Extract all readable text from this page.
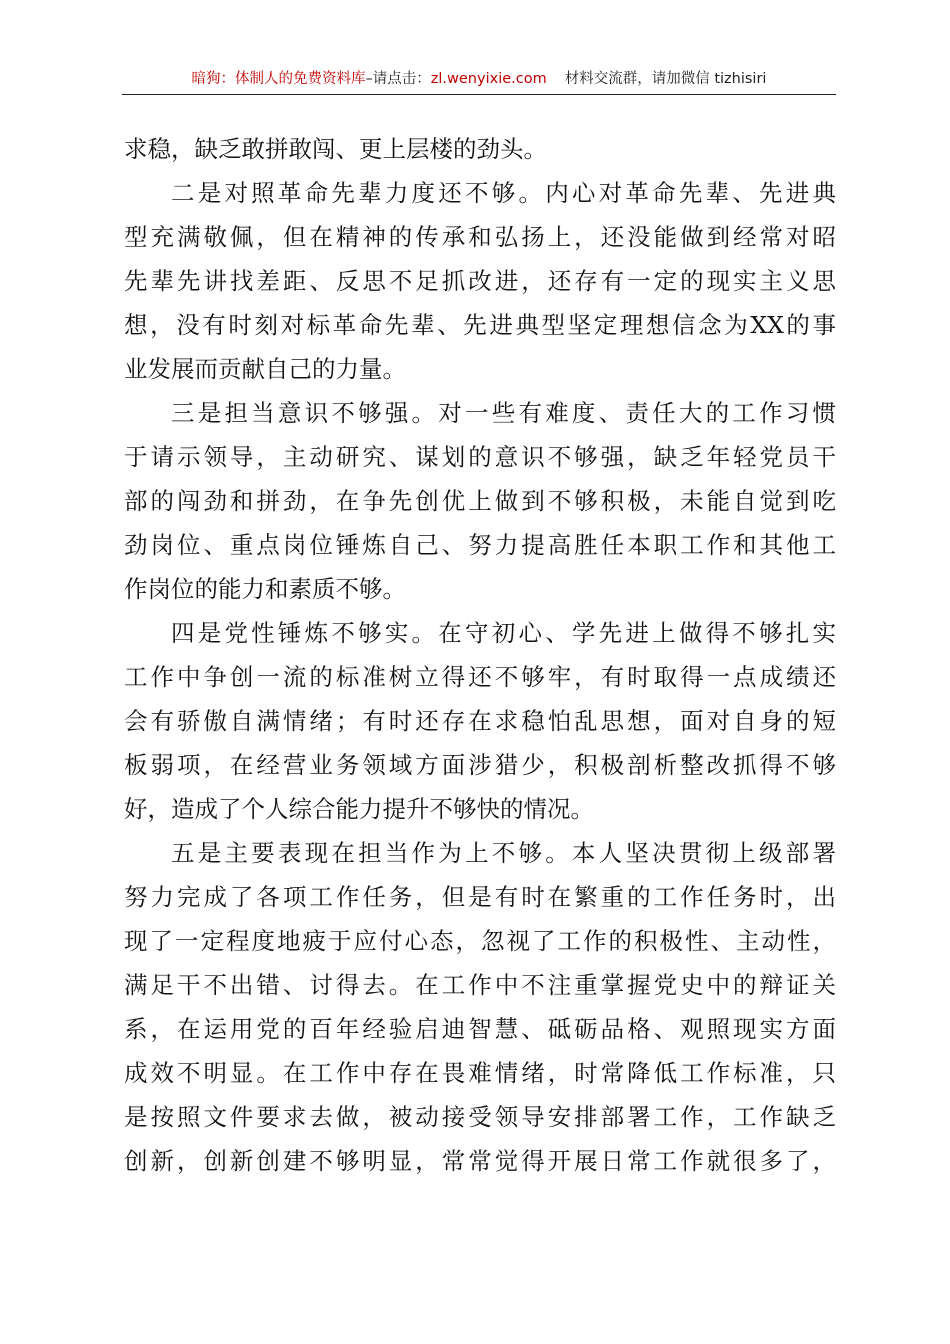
暗狗：体制人的免费资料库–请点击：zl.wenyixie.com 材料交流群，请加微信 tizhisiri
求稳，缺乏敢拼敢闯、更上层楼的劲头。
二是对照革命先辈力度还不够。内心对革命先辈、先进典
型充满敬佩，但在精神的传承和弘扬上，还没能做到经常对昭
先辈先讲找差距、反思不足抓改进，还存有一定的现实主义思
想，没有时刻对标革命先辈、先进典型坚定理想信念为XX的事
业发展而贡献自己的力量。
三是担当意识不够强。对一些有难度、责任大的工作习惯
于请示领导，主动研究、谋划的意识不够强，缺乏年轻党员干
部的闯劲和拼劲，在争先创优上做到不够积极，未能自觉到吃
劲岗位、重点岗位锤炼自己、努力提高胜任本职工作和其他工
作岗位的能力和素质不够。
四是党性锤炼不够实。在守初心、学先进上做得不够扎实
工作中争创一流的标准树立得还不够牢，有时取得一点成绩还
会有骄傲自满情绪；有时还存在求稳怕乱思想，面对自身的短
板弱项，在经营业务领域方面涉猎少，积极剖析整改抓得不够
好，造成了个人综合能力提升不够快的情况。
五是主要表现在担当作为上不够。本人坚决贯彻上级部署
努力完成了各项工作任务，但是有时在繁重的工作任务时，出
现了一定程度地疲于应付心态，忽视了工作的积极性、主动性，
满足干不出错、讨得去。在工作中不注重掌握党史中的辩证关
系，在运用党的百年经验启迪智慧、砥砺品格、观照现实方面
成效不明显。在工作中存在畏难情绪，时常降低工作标准，只
是按照文件要求去做，被动接受领导安排部署工作，工作缺乏
创新，创新创建不够明显，常常觉得开展日常工作就很多了，
